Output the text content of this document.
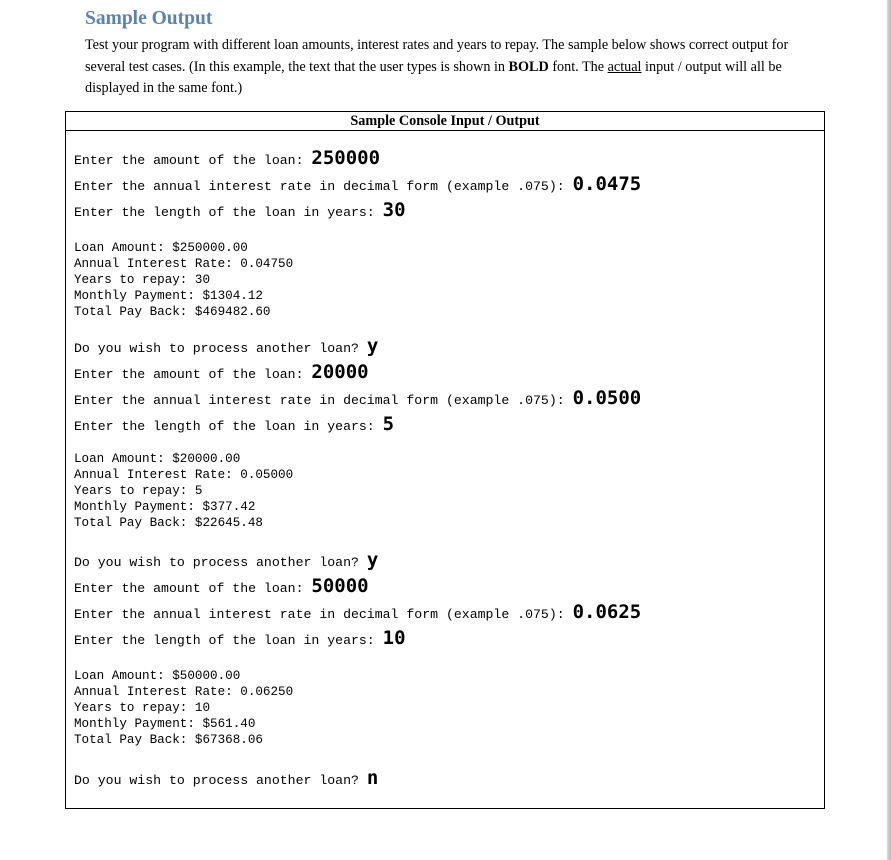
Sample Output
Test your program with different loan amounts, interest rates and years to repay. The sample below shows correct output for several test cases. (In this example, the text that the user types is shown in BOLD font. The actual input / output will all be displayed in the same font.)
Sample Console Input / Output
Enter the amount of the loan: 250000
Enter the annual interest rate in decimal form (example .075): 0.0475
Enter the length of the loan in years: 30
Loan Amount: $250000.00
Annual Interest Rate: 0.04750
Years to repay: 30
Monthly Payment: $1304.12
Total Pay Back: $469482.60
Do you wish to process another loan? y
Enter the amount of the loan: 20000
Enter the annual interest rate in decimal form (example .075): 0.0500
Enter the length of the loan in years: 5
Loan Amount: $20000.00
Annual Interest Rate: 0.05000
Years to repay: 5
Monthly Payment: $377.42
Total Pay Back: $22645.48
Do you wish to process another loan? y
Enter the amount of the loan: 50000
Enter the annual interest rate in decimal form (example .075): 0.0625
Enter the length of the loan in years: 10
Loan Amount: $50000.00
Annual Interest Rate: 0.06250
Years to repay: 10
Monthly Payment: $561.40
Total Pay Back: $67368.06
Do you wish to process another loan? n
